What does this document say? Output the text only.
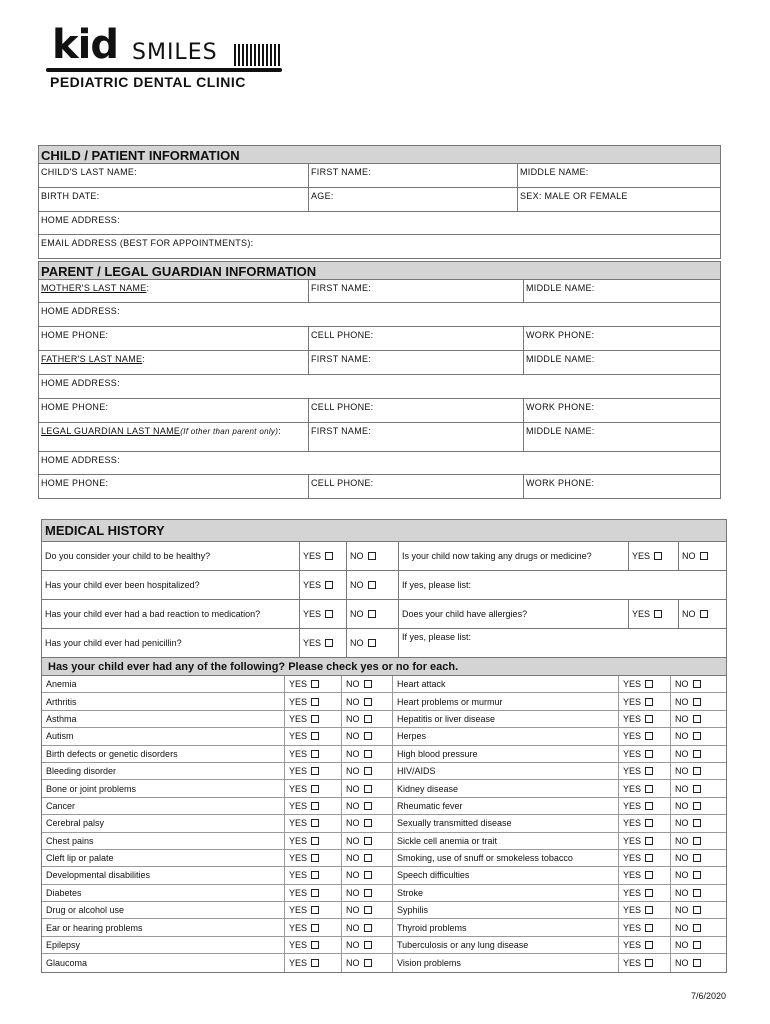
kid SMILES
PEDIATRIC DENTAL CLINIC
CHILD / PATIENT INFORMATION
CHILD'S LAST NAME:	FIRST NAME:	MIDDLE NAME:
BIRTH DATE:	AGE:	SEX: MALE OR FEMALE
HOME ADDRESS:
EMAIL ADDRESS (BEST FOR APPOINTMENTS):
PARENT / LEGAL GUARDIAN INFORMATION
MOTHER'S LAST NAME:	FIRST NAME:	MIDDLE NAME:
HOME ADDRESS:
HOME PHONE:	CELL PHONE:	WORK PHONE:
FATHER'S LAST NAME:	FIRST NAME:	MIDDLE NAME:
HOME ADDRESS:
HOME PHONE:	CELL PHONE:	WORK PHONE:
LEGAL GUARDIAN LAST NAME(If other than parent only):	FIRST NAME:	MIDDLE NAME:
HOME ADDRESS:
HOME PHONE:	CELL PHONE:	WORK PHONE:
MEDICAL HISTORY
Do you consider your child to be healthy?	YES	NO	Is your child now taking any drugs or medicine?	YES	NO
Has your child ever been hospitalized?	YES	NO	If yes, please list:
Has your child ever had a bad reaction to medication?	YES	NO	Does your child have allergies?	YES	NO
Has your child ever had penicillin?	YES	NO
If yes, please list:
Has your child ever had any of the following? Please check yes or no for each.
Anemia	YES	NO	Heart attack	YES	NO
Arthritis	YES	NO	Heart problems or murmur	YES	NO
Asthma	YES	NO	Hepatitis or liver disease	YES	NO
Autism	YES	NO	Herpes	YES	NO
Birth defects or genetic disorders	YES	NO	High blood pressure	YES	NO
Bleeding disorder	YES	NO	HIV/AIDS	YES	NO
Bone or joint problems	YES	NO	Kidney disease	YES	NO
Cancer	YES	NO	Rheumatic fever	YES	NO
Cerebral palsy	YES	NO	Sexually transmitted disease	YES	NO
Chest pains	YES	NO	Sickle cell anemia or trait	YES	NO
Cleft lip or palate	YES	NO	Smoking, use of snuff or smokeless tobacco	YES	NO
Developmental disabilities	YES	NO	Speech difficulties	YES	NO
Diabetes	YES	NO	Stroke	YES	NO
Drug or alcohol use	YES	NO	Syphilis	YES	NO
Ear or hearing problems	YES	NO	Thyroid problems	YES	NO
Epilepsy	YES	NO	Tuberculosis or any lung disease	YES	NO
Glaucoma	YES	NO	Vision problems	YES	NO
7/6/2020
